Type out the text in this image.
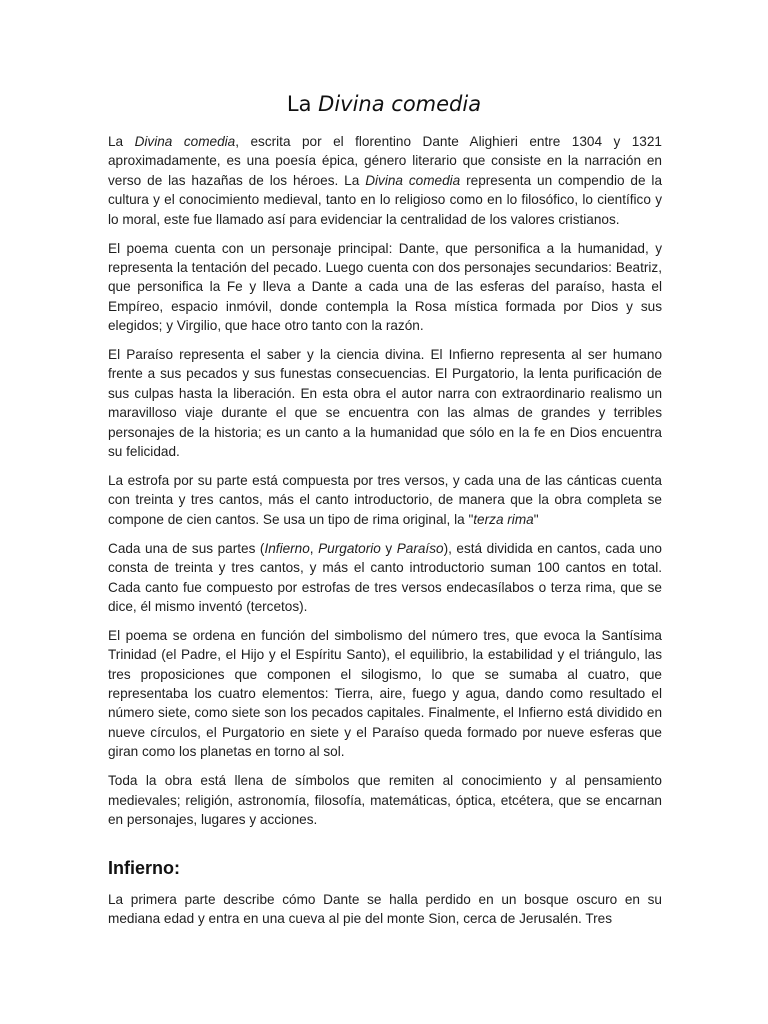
La Divina comedia

La Divina comedia, escrita por el florentino Dante Alighieri entre 1304 y 1321 aproximadamente, es una poesía épica, género literario que consiste en la narración en verso de las hazañas de los héroes. La Divina comedia representa un compendio de la cultura y el conocimiento medieval, tanto en lo religioso como en lo filosófico, lo científico y lo moral, este fue llamado así para evidenciar la centralidad de los valores cristianos.

El poema cuenta con un personaje principal: Dante, que personifica a la humanidad, y representa la tentación del pecado. Luego cuenta con dos personajes secundarios: Beatriz, que personifica la Fe y lleva a Dante a cada una de las esferas del paraíso, hasta el Empíreo, espacio inmóvil, donde contempla la Rosa mística formada por Dios y sus elegidos; y Virgilio, que hace otro tanto con la razón.

El Paraíso representa el saber y la ciencia divina. El Infierno representa al ser humano frente a sus pecados y sus funestas consecuencias. El Purgatorio, la lenta purificación de sus culpas hasta la liberación. En esta obra el autor narra con extraordinario realismo un maravilloso viaje durante el que se encuentra con las almas de grandes y terribles personajes de la historia; es un canto a la humanidad que sólo en la fe en Dios encuentra su felicidad.

La estrofa por su parte está compuesta por tres versos, y cada una de las cánticas cuenta con treinta y tres cantos, más el canto introductorio, de manera que la obra completa se compone de cien cantos. Se usa un tipo de rima original, la "terza rima"

Cada una de sus partes (Infierno, Purgatorio y Paraíso), está dividida en cantos, cada uno consta de treinta y tres cantos, y más el canto introductorio suman 100 cantos en total. Cada canto fue compuesto por estrofas de tres versos endecasílabos o terza rima, que se dice, él mismo inventó (tercetos).

El poema se ordena en función del simbolismo del número tres, que evoca la Santísima Trinidad (el Padre, el Hijo y el Espíritu Santo), el equilibrio, la estabilidad y el triángulo, las tres proposiciones que componen el silogismo, lo que se sumaba al cuatro, que representaba los cuatro elementos: Tierra, aire, fuego y agua, dando como resultado el número siete, como siete son los pecados capitales. Finalmente, el Infierno está dividido en nueve círculos, el Purgatorio en siete y el Paraíso queda formado por nueve esferas que giran como los planetas en torno al sol.

Toda la obra está llena de símbolos que remiten al conocimiento y al pensamiento medievales; religión, astronomía, filosofía, matemáticas, óptica, etcétera, que se encarnan en personajes, lugares y acciones.

Infierno:

La primera parte describe cómo Dante se halla perdido en un bosque oscuro en su mediana edad y entra en una cueva al pie del monte Sion, cerca de Jerusalén. Tres
